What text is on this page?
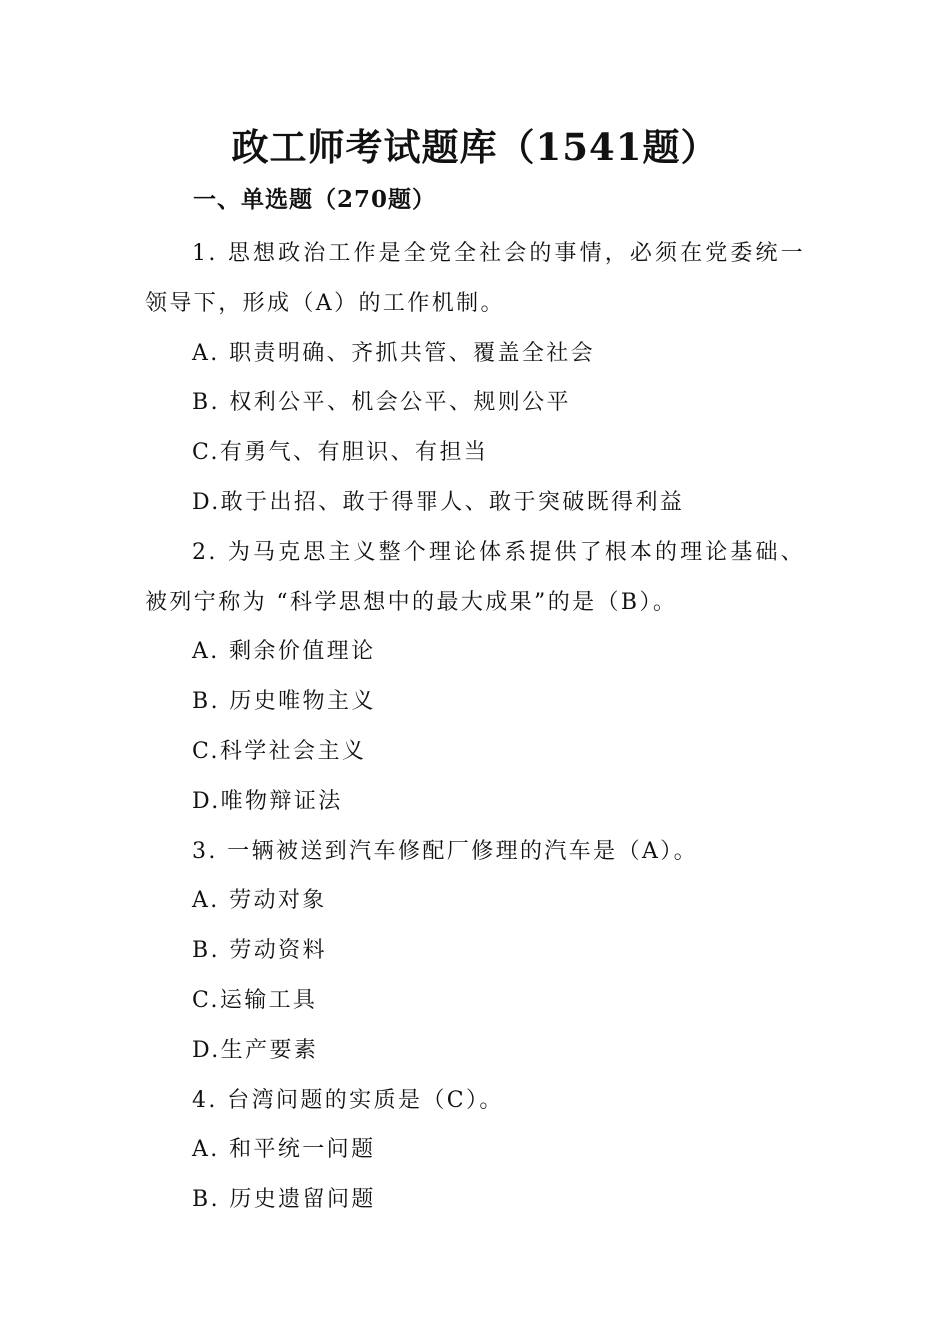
政工师考试题库（1541题）
一、单选题（270题）

1. 思想政治工作是全党全社会的事情，必须在党委统一领导下，形成（A）的工作机制。

A. 职责明确、齐抓共管、覆盖全社会

B. 权利公平、机会公平、规则公平

C.有勇气、有胆识、有担当

D.敢于出招、敢于得罪人、敢于突破既得利益

2. 为马克思主义整个理论体系提供了根本的理论基础、被列宁称为 “科学思想中的最大成果”的是（B）。

A. 剩余价值理论

B. 历史唯物主义

C.科学社会主义

D.唯物辩证法

3. 一辆被送到汽车修配厂修理的汽车是（A）。

A. 劳动对象

B. 劳动资料

C.运输工具

D.生产要素

4. 台湾问题的实质是（C）。

A. 和平统一问题

B. 历史遗留问题
